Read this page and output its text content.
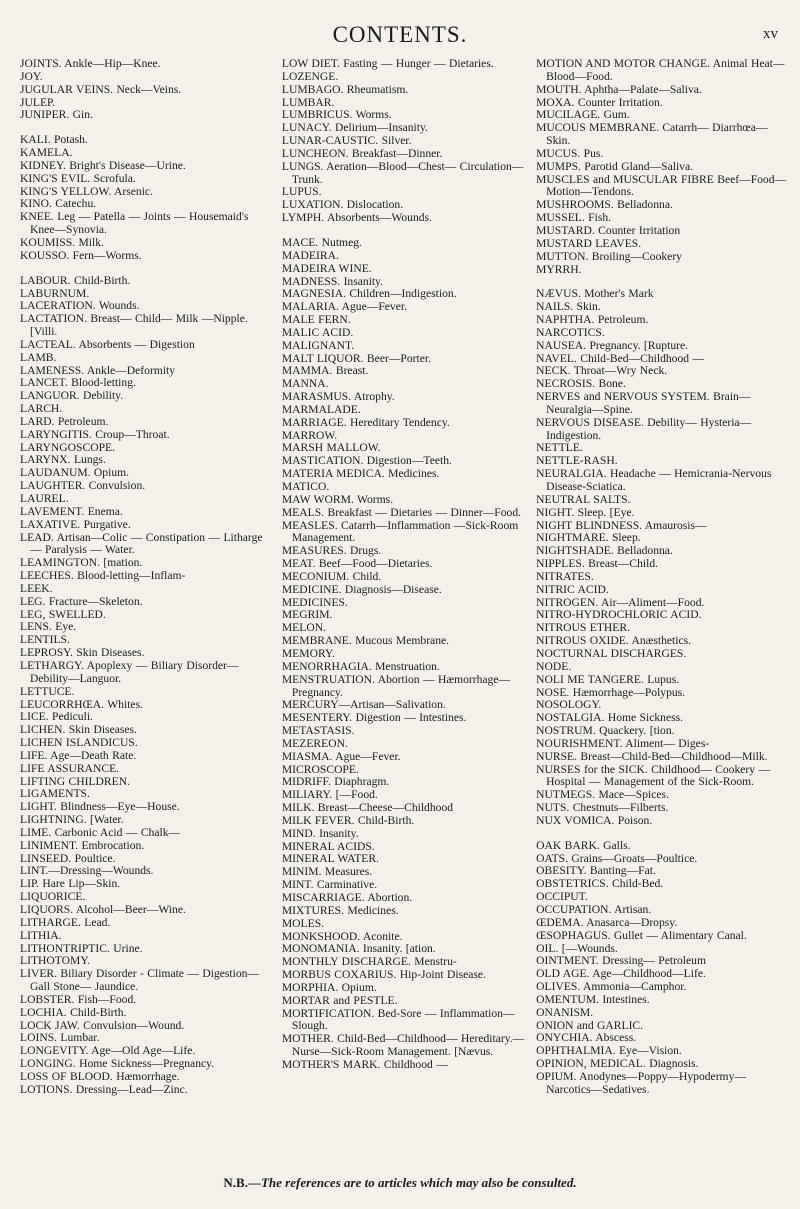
CONTENTS.	xv
JOINTS. Ankle—Hip—Knee.
JOY.
JUGULAR VEINS. Neck—Veins.
JULEP.
JUNIPER. Gin.
KALI. Potash.
KAMELA.
KIDNEY. Bright's Disease—Urine.
KING'S EVIL. Scrofula.
KING'S YELLOW. Arsenic.
KINO. Catechu.
KNEE. Leg — Patella — Joints — Housemaid's Knee—Synovia.
KOUMISS. Milk.
KOUSSO. Fern—Worms.
LABOUR. Child-Birth.
LABURNUM.
LACERATION. Wounds.
LACTATION. Breast— Child— Milk —Nipple. [Villi.
LACTEAL. Absorbents — Digestion
LAMB.
LAMENESS. Ankle—Deformity
LANCET. Blood-letting.
LANGUOR. Debility.
LARCH.
LARD. Petroleum.
LARYNGITIS. Croup—Throat.
LARYNGOSCOPE.
LARYNX. Lungs.
LAUDANUM. Opium.
LAUGHTER. Convulsion.
LAUREL.
LAVEMENT. Enema.
LAXATIVE. Purgative.
LEAD. Artisan—Colic — Constipation — Litharge — Paralysis — Water.
LEAMINGTON. [mation.
LEECHES. Blood-letting—Inflam-
LEEK.
LEG. Fracture—Skeleton.
LEG, SWELLED.
LENS. Eye.
LENTILS.
LEPROSY. Skin Diseases.
LETHARGY. Apoplexy — Biliary Disorder—Debility—Languor.
LETTUCE.
LEUCORRHŒA. Whites.
LICE. Pediculi.
LICHEN. Skin Diseases.
LICHEN ISLANDICUS.
LIFE. Age—Death Rate.
LIFE ASSURANCE.
LIFTING CHILDREN.
LIGAMENTS.
LIGHT. Blindness—Eye—House.
LIGHTNING. [Water.
LIME. Carbonic Acid — Chalk—
LINIMENT. Embrocation.
LINSEED. Poultice.
LINT.—Dressing—Wounds.
LIP. Hare Lip—Skin.
LIQUORICE.
LIQUORS. Alcohol—Beer—Wine.
LITHARGE. Lead.
LITHIA.
LITHONTRIPTIC. Urine.
LITHOTOMY.
LIVER. Biliary Disorder - Climate — Digestion— Gall Stone— Jaundice.
LOBSTER. Fish—Food.
LOCHIA. Child-Birth.
LOCK JAW. Convulsion—Wound.
LOINS. Lumbar.
LONGEVITY. Age—Old Age—Life.
LONGING. Home Sickness—Pregnancy.
LOSS OF BLOOD. Hæmorrhage.
LOTIONS. Dressing—Lead—Zinc.
LOW DIET. Fasting — Hunger — Dietaries.
LOZENGE.
LUMBAGO. Rheumatism.
LUMBAR.
LUMBRICUS. Worms.
LUNACY. Delirium—Insanity.
LUNAR-CAUSTIC. Silver.
LUNCHEON. Breakfast—Dinner.
LUNGS. Aeration—Blood—Chest— Circulation—Trunk.
LUPUS.
LUXATION. Dislocation.
LYMPH. Absorbents—Wounds.
MACE. Nutmeg.
MADEIRA.
MADEIRA WINE.
MADNESS. Insanity.
MAGNESIA. Children—Indigestion.
MALARIA. Ague—Fever.
MALE FERN.
MALIC ACID.
MALIGNANT.
MALT LIQUOR. Beer—Porter.
MAMMA. Breast.
MANNA.
MARASMUS. Atrophy.
MARMALADE.
MARRIAGE. Hereditary Tendency.
MARROW.
MARSH MALLOW.
MASTICATION. Digestion—Teeth.
MATERIA MEDICA. Medicines.
MATICO.
MAW WORM. Worms.
MEALS. Breakfast — Dietaries — Dinner—Food.
MEASLES. Catarrh—Inflammation —Sick-Room Management.
MEASURES. Drugs.
MEAT. Beef—Food—Dietaries.
MECONIUM. Child.
MEDICINE. Diagnosis—Disease.
MEDICINES.
MEGRIM.
MELON.
MEMBRANE. Mucous Membrane.
MEMORY.
MENORRHAGIA. Menstruation.
MENSTRUATION. Abortion — Hæmorrhage—Pregnancy.
MERCURY—Artisan—Salivation.
MESENTERY. Digestion — Intestines.
METASTASIS.
MEZEREON.
MIASMA. Ague—Fever.
MICROSCOPE.
MIDRIFF. Diaphragm.
MILIARY. [—Food.
MILK. Breast—Cheese—Childhood
MILK FEVER. Child-Birth.
MIND. Insanity.
MINERAL ACIDS.
MINERAL WATER.
MINIM. Measures.
MINT. Carminative.
MISCARRIAGE. Abortion.
MIXTURES. Medicines.
MOLES.
MONKSHOOD. Aconite.
MONOMANIA. Insanity. [ation.
MONTHLY DISCHARGE. Menstru-
MORBUS COXARIUS. Hip-Joint Disease.
MORPHIA. Opium.
MORTAR and PESTLE.
MORTIFICATION. Bed-Sore — Inflammation—Slough.
MOTHER. Child-Bed—Childhood— Hereditary.— Nurse—Sick-Room Management. [Nævus.
MOTHER'S MARK. Childhood —
MOTION AND MOTOR CHANGE. Animal Heat—Blood—Food.
MOUTH. Aphtha—Palate—Saliva.
MOXA. Counter Irritation.
MUCILAGE. Gum.
MUCOUS MEMBRANE. Catarrh— Diarrhœa—Skin.
MUCUS. Pus.
MUMPS. Parotid Gland—Saliva.
MUSCLES and MUSCULAR FIBRE Beef—Food—Motion—Tendons.
MUSHROOMS. Belladonna.
MUSSEL. Fish.
MUSTARD. Counter Irritation
MUSTARD LEAVES.
MUTTON. Broiling—Cookery
MYRRH.
NÆVUS. Mother's Mark
NAILS. Skin.
NAPHTHA. Petroleum.
NARCOTICS.
NAUSEA. Pregnancy. [Rupture.
NAVEL. Child-Bed—Childhood —
NECK. Throat—Wry Neck.
NECROSIS. Bone.
NERVES and NERVOUS SYSTEM. Brain—Neuralgia—Spine.
NERVOUS DISEASE. Debility— Hysteria—Indigestion.
NETTLE.
NETTLE-RASH.
NEURALGIA. Headache — Hemicrania-Nervous Disease-Sciatica.
NEUTRAL SALTS.
NIGHT. Sleep. [Eye.
NIGHT BLINDNESS. Amaurosis—
NIGHTMARE. Sleep.
NIGHTSHADE. Belladonna.
NIPPLES. Breast—Child.
NITRATES.
NITRIC ACID.
NITROGEN. Air—Aliment—Food.
NITRO-HYDROCHLORIC ACID.
NITROUS ETHER.
NITROUS OXIDE. Anæsthetics.
NOCTURNAL DISCHARGES.
NODE.
NOLI ME TANGERE. Lupus.
NOSE. Hæmorrhage—Polypus.
NOSOLOGY.
NOSTALGIA. Home Sickness.
NOSTRUM. Quackery. [tion.
NOURISHMENT. Aliment— Diges-
NURSE. Breast—Child-Bed—Childhood—Milk.
NURSES for the SICK. Childhood— Cookery — Hospital — Management of the Sick-Room.
NUTMEGS. Mace—Spices.
NUTS. Chestnuts—Filberts.
NUX VOMICA. Poison.
OAK BARK. Galls.
OATS. Grains—Groats—Poultice.
OBESITY. Banting—Fat.
OBSTETRICS. Child-Bed.
OCCIPUT.
OCCUPATION. Artisan.
ŒDEMA. Anasarca—Dropsy.
ŒSOPHAGUS. Gullet — Alimentary Canal.
OIL. [—Wounds.
OINTMENT. Dressing— Petroleum
OLD AGE. Age—Childhood—Life.
OLIVES. Ammonia—Camphor.
OMENTUM. Intestines.
ONANISM.
ONION and GARLIC.
ONYCHIA. Abscess.
OPHTHALMIA. Eye—Vision.
OPINION, MEDICAL. Diagnosis.
OPIUM. Anodynes—Poppy—Hypodermy—Narcotics—Sedatives.
N.B.—The references are to articles which may also be consulted.
